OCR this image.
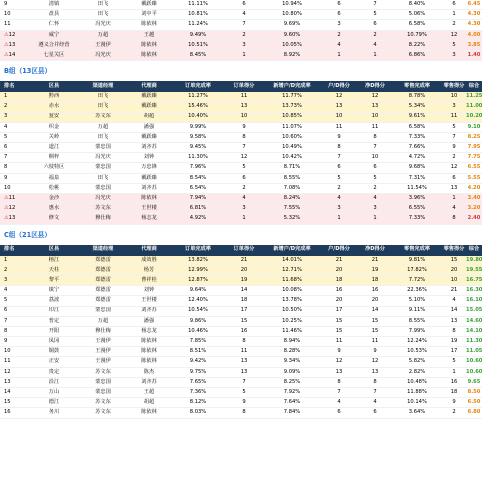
9	清镇	田飞	戴跃臻	11.11%	6	10.94%	6	7	8.40%	6	6.45
10	盘县	田飞	刘中平	10.81%	4	10.80%	6	5	5.06%	1	4.30
11	仁怀	冯光庆	陈依林	11.24%	7	9.69%	3	6	6.58%	2	4.30
⚠12	威宁	万超	王越	9.49%	2	9.60%	2	2	10.79%	12	4.00
⚠13	遵义合并经营	王漫伊	陈依林	10.51%	3	10.05%	4	4	8.22%	5	3.85
⚠14	七星关区	冯光庆	陈依林	8.45%	1	8.92%	1	1	6.86%	3	1.40
B组（13区县）
排名	区县	渠道经理	代理商	订单完成率	订单得分	新增户/D完成率	户/D得分	净D得分	零售完成率	零售得分	综合
1	黔西	田飞	戴跃臻	11.27%	11	11.77%	12	12	8.78%	10	11.25
2	赤水	田飞	戴跃臻	15.46%	13	13.73%	13	13	5.34%	3	11.00
3	瓮安	苏文东	胡超	10.40%	10	10.85%	10	10	9.61%	11	10.20
4	织金	万超	潘强	9.99%	9	11.07%	11	11	6.58%	5	9.10
5	关岭	田飞	戴跃臻	9.58%	8	10.60%	9	8	7.33%	7	8.25
6	道江	蒙忠国	刘齐苏	9.45%	7	10.49%	8	7	7.66%	9	7.95
7	桐梓	冯光庆	刘钟	11.30%	12	10.42%	7	10	4.72%	2	7.75
8	六枝特区	蒙忠国	万忠锋	7.96%	5	8.71%	6	6	9.68%	12	6.55
9	福泉	田飞	戴跃臻	8.54%	6	8.55%	5	5	7.31%	6	5.55
10	松桃	蒙忠国	刘齐苏	6.54%	2	7.08%	2	2	11.54%	13	4.20
⚠11	金沙	冯光庆	陈依林	7.94%	4	8.24%	4	4	3.96%	1	3.40
⚠12	惠水	苏文东	王世楼	6.81%	3	7.55%	3	3	6.55%	4	3.20
⚠13	修文	穆仕梅	杨志龙	4.92%	1	5.32%	1	1	7.33%	8	2.40
C组（21区县）
排名	区县	渠道经理	代理商	订单完成率	订单得分	新增户/D完成率	户/D得分	净D得分	零售完成率	零售得分	综合
1	榕江	郑德雷	成效胜	13.82%	21	14.01%	21	21	9.81%	15	19.80
2	天柱	郑德雷	杨芳	12.99%	20	12.71%	20	19	17.82%	20	19.55
3	黎平	郑德雷	曹祥桂	12.87%	19	11.68%	18	18	7.72%	10	16.75
4	镇宁	郑德雷	刘钟	9.64%	14	10.08%	16	16	22.36%	21	16.30
5	荔波	郑德雷	王世楼	12.40%	18	13.78%	20	20	5.10%	4	16.10
6	印江	蒙忠国	刘齐苏	10.54%	17	10.50%	17	14	9.11%	14	15.05
7	普定	万超	潘强	9.86%	15	10.25%	15	15	8.55%	13	14.60
8	开阳	穆仕梅	杨志龙	10.46%	16	11.46%	15	15	7.99%	8	14.10
9	凤冈	王漫伊	陈依林	7.85%	8	8.94%	11	11	12.24%	19	11.30
10	铜鼓	王漫伊	陈依林	8.51%	11	8.28%	9	9	10.53%	17	11.05
11	正安	王漫伊	陈依林	9.42%	13	9.34%	12	12	5.82%	5	10.60
12	贵定	苏文东	陈杰	9.75%	13	9.09%	13	13	2.82%	1	10.60
13	沿江	蒙忠国	刘齐苏	7.65%	7	8.25%	8	8	10.48%	16	9.65
14	万山	蒙忠国	王超	7.36%	5	7.92%	7	7	11.88%	18	8.50
15	德江	苏文东	胡超	8.12%	9	7.64%	4	4	10.14%	9	6.50
16	务川	苏文东	陈依林	8.03%	8	7.84%	6	6	3.64%	2	6.80
